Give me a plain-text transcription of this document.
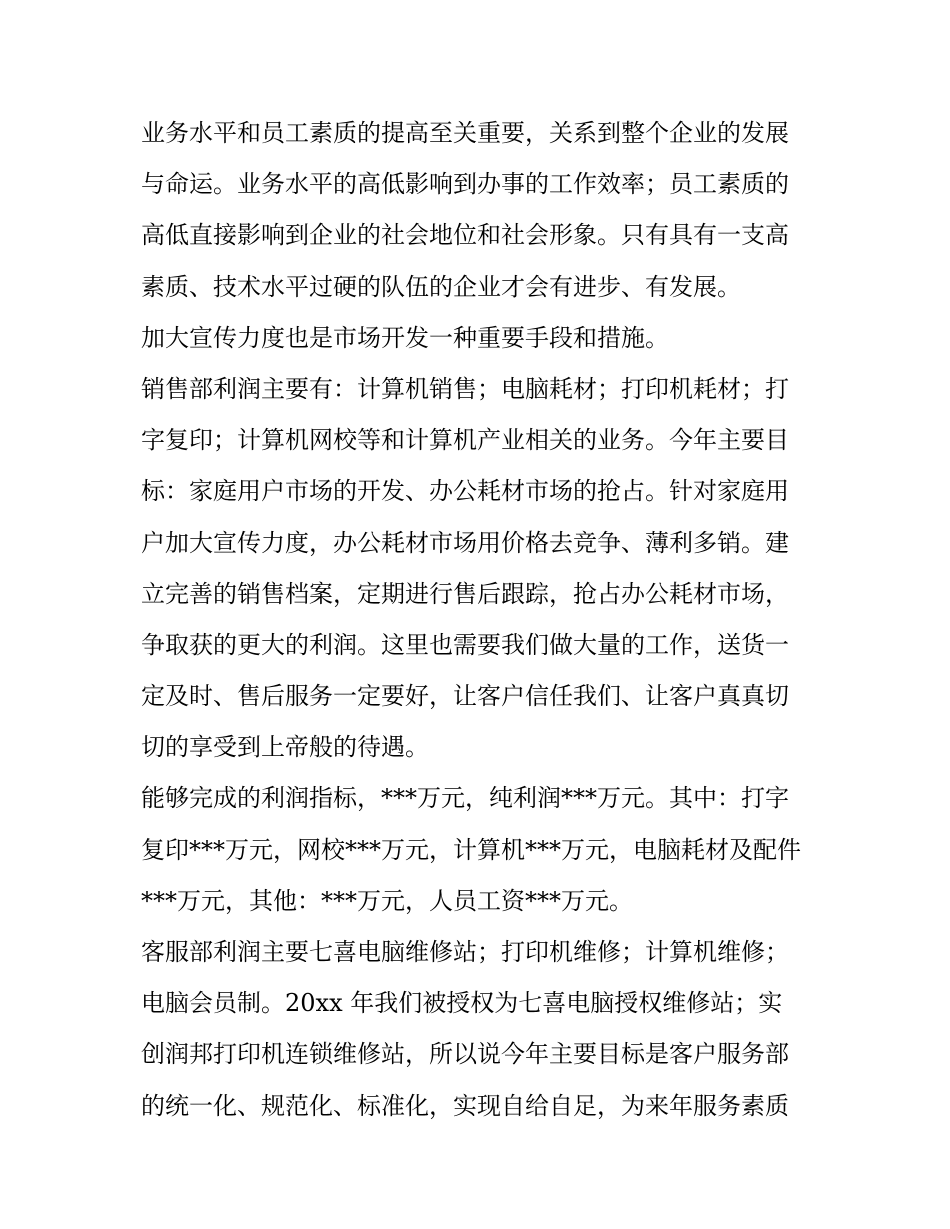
业务水平和员工素质的提高至关重要，关系到整个企业的发展
与命运。业务水平的高低影响到办事的工作效率；员工素质的
高低直接影响到企业的社会地位和社会形象。只有具有一支高
素质、技术水平过硬的队伍的企业才会有进步、有发展。
加大宣传力度也是市场开发一种重要手段和措施。
销售部利润主要有：计算机销售；电脑耗材；打印机耗材；打
字复印；计算机网校等和计算机产业相关的业务。今年主要目
标：家庭用户市场的开发、办公耗材市场的抢占。针对家庭用
户加大宣传力度，办公耗材市场用价格去竞争、薄利多销。建
立完善的销售档案，定期进行售后跟踪，抢占办公耗材市场，
争取获的更大的利润。这里也需要我们做大量的工作，送货一
定及时、售后服务一定要好，让客户信任我们、让客户真真切
切的享受到上帝般的待遇。
能够完成的利润指标，***万元，纯利润***万元。其中：打字
复印***万元，网校***万元，计算机***万元，电脑耗材及配件
***万元，其他：***万元，人员工资***万元。
客服部利润主要七喜电脑维修站；打印机维修；计算机维修；
电脑会员制。20xx 年我们被授权为七喜电脑授权维修站；实
创润邦打印机连锁维修站，所以说今年主要目标是客户服务部
的统一化、规范化、标准化，实现自给自足，为来年服务素质
